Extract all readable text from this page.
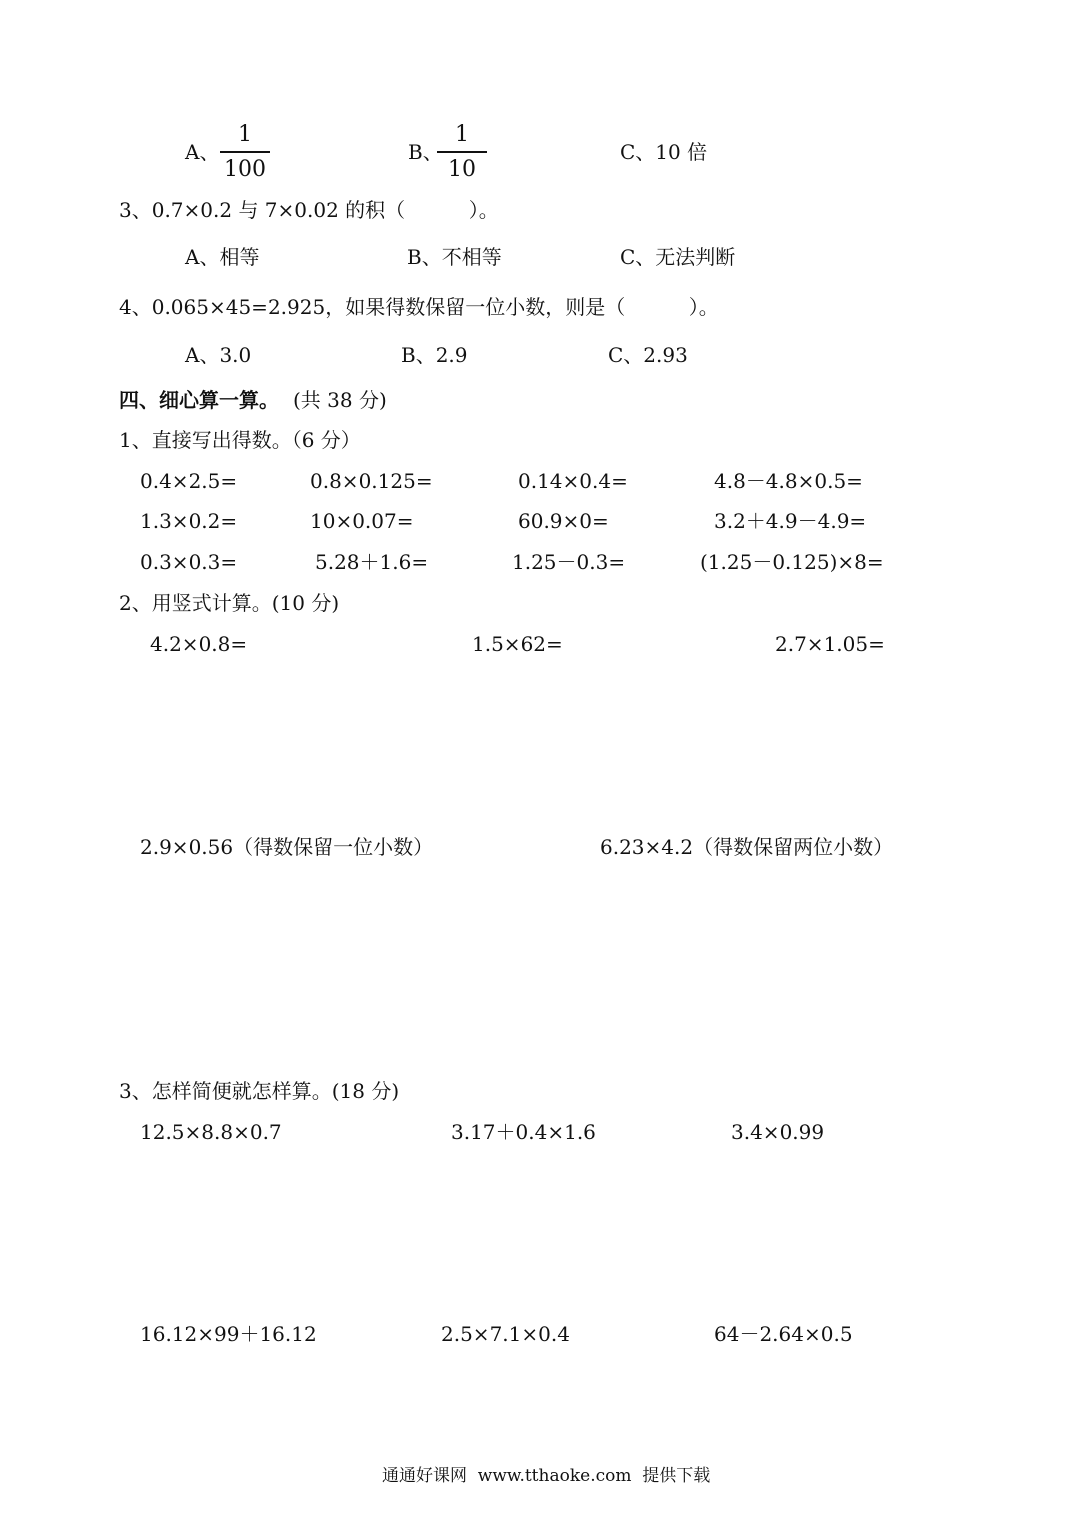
A、
1
100
B、
1
10
C、10 倍
3、0.7×0.2 与 7×0.02 的积（          ）。
A、相等	B、不相等	C、无法判断
4、0.065×45=2.925，如果得数保留一位小数，则是（          ）。
A、3.0	B、2.9	C、2.93
四、细心算一算。 (共 38 分)
1、直接写出得数。（6 分）
0.4×2.5=	0.8×0.125=	0.14×0.4=	4.8－4.8×0.5=
1.3×0.2=	10×0.07=	60.9×0=	3.2＋4.9－4.9=
0.3×0.3=	5.28＋1.6=	1.25－0.3=	(1.25－0.125)×8=
2、用竖式计算。(10 分)
4.2×0.8=	1.5×62=	2.7×1.05=
2.9×0.56（得数保留一位小数）	6.23×4.2（得数保留两位小数）
3、怎样简便就怎样算。(18 分)
12.5×8.8×0.7	3.17＋0.4×1.6	3.4×0.99
16.12×99＋16.12	2.5×7.1×0.4	64－2.64×0.5
通通好课网  www.tthaoke.com  提供下载
